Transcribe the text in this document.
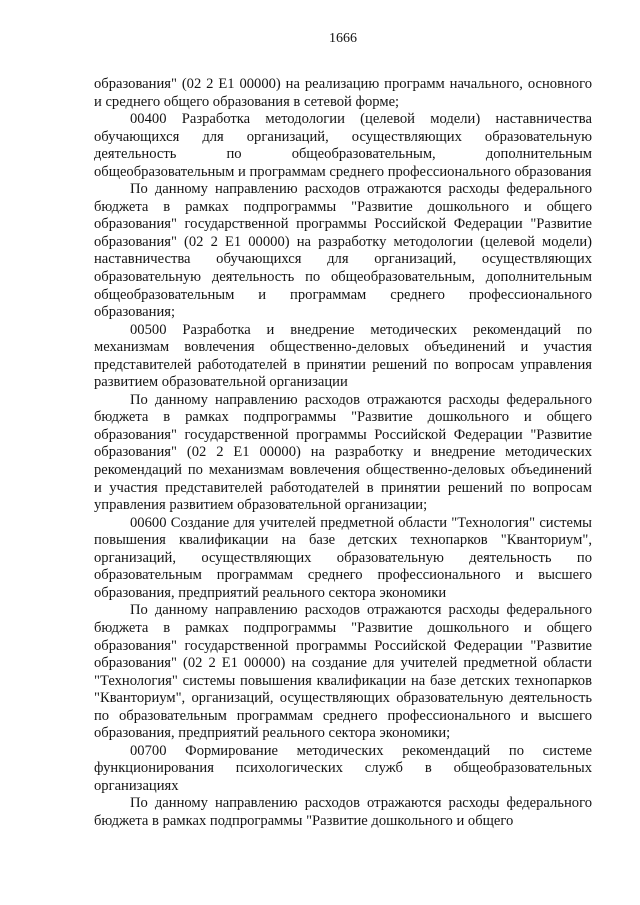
1666

образования" (02 2 E1 00000) на реализацию программ начального, основного и среднего общего образования в сетевой форме;

00400 Разработка методологии (целевой модели) наставничества обучающихся для организаций, осуществляющих образовательную деятельность по общеобразовательным, дополнительным общеобразовательным и программам среднего профессионального образования

По данному направлению расходов отражаются расходы федерального бюджета в рамках подпрограммы "Развитие дошкольного и общего образования" государственной программы Российской Федерации "Развитие образования" (02 2 E1 00000) на разработку методологии (целевой модели) наставничества обучающихся для организаций, осуществляющих образовательную деятельность по общеобразовательным, дополнительным общеобразовательным и программам среднего профессионального образования;

00500 Разработка и внедрение методических рекомендаций по механизмам вовлечения общественно-деловых объединений и участия представителей работодателей в принятии решений по вопросам управления развитием образовательной организации

По данному направлению расходов отражаются расходы федерального бюджета в рамках подпрограммы "Развитие дошкольного и общего образования" государственной программы Российской Федерации "Развитие образования" (02 2 E1 00000) на разработку и внедрение методических рекомендаций по механизмам вовлечения общественно-деловых объединений и участия представителей работодателей в принятии решений по вопросам управления развитием образовательной организации;

00600 Создание для учителей предметной области "Технология" системы повышения квалификации на базе детских технопарков "Кванториум", организаций, осуществляющих образовательную деятельность по образовательным программам среднего профессионального и высшего образования, предприятий реального сектора экономики

По данному направлению расходов отражаются расходы федерального бюджета в рамках подпрограммы "Развитие дошкольного и общего образования" государственной программы Российской Федерации "Развитие образования" (02 2 E1 00000) на создание для учителей предметной области "Технология" системы повышения квалификации на базе детских технопарков "Кванториум", организаций, осуществляющих образовательную деятельность по образовательным программам среднего профессионального и высшего образования, предприятий реального сектора экономики;

00700 Формирование методических рекомендаций по системе функционирования психологических служб в общеобразовательных организациях

По данному направлению расходов отражаются расходы федерального бюджета в рамках подпрограммы "Развитие дошкольного и общего
